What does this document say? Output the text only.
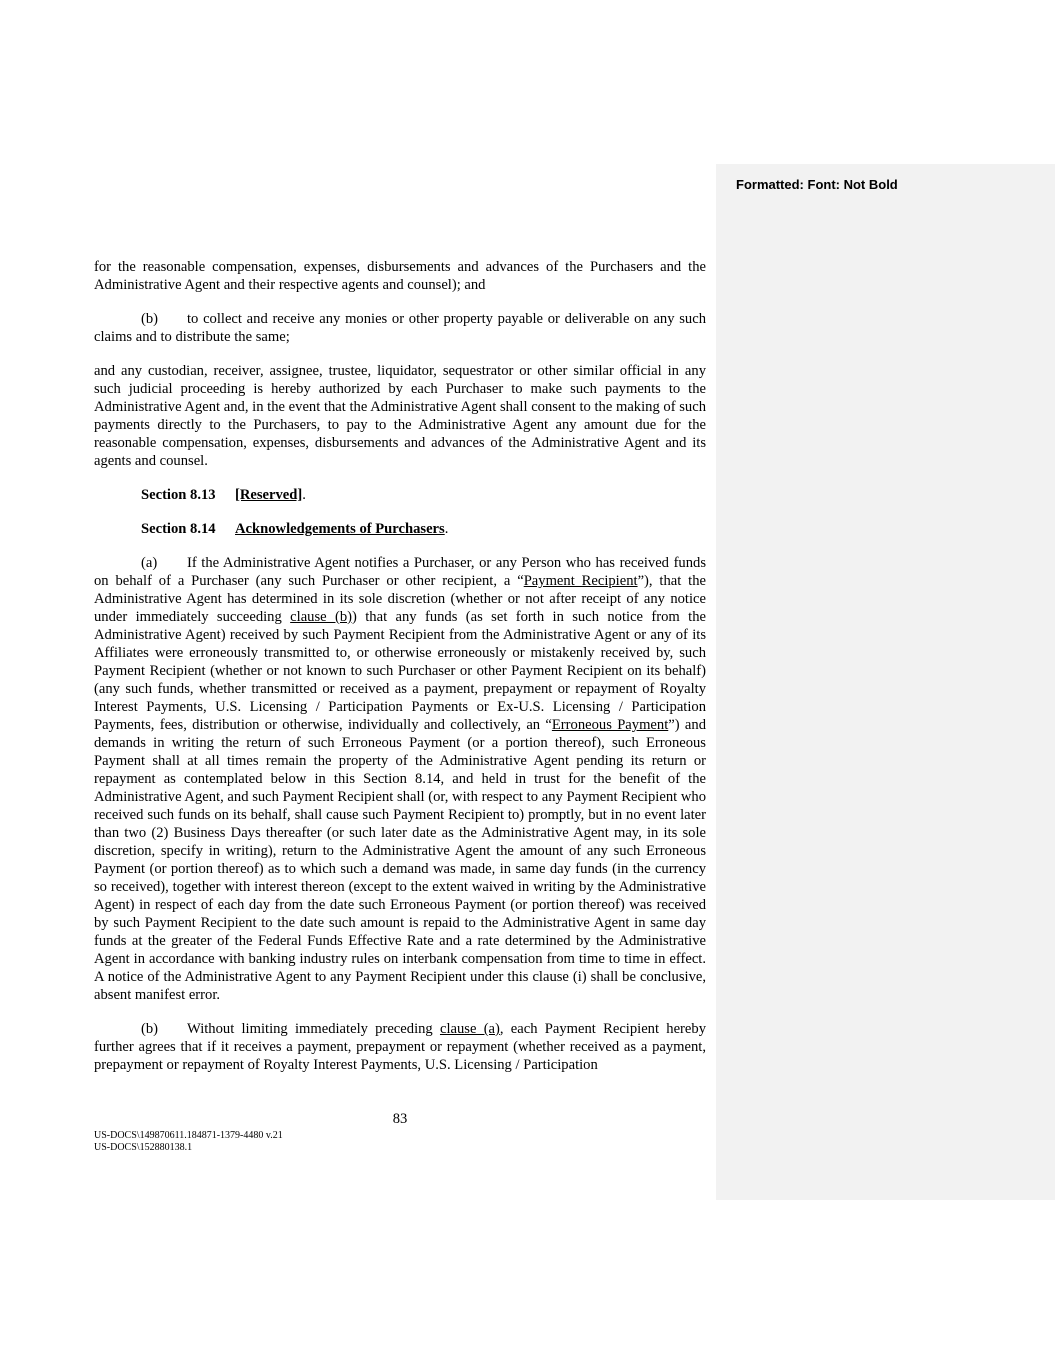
Formatted: Font: Not Bold

for the reasonable compensation, expenses, disbursements and advances of the Purchasers and the Administrative Agent and their respective agents and counsel); and

(b) to collect and receive any monies or other property payable or deliverable on any such claims and to distribute the same;

and any custodian, receiver, assignee, trustee, liquidator, sequestrator or other similar official in any such judicial proceeding is hereby authorized by each Purchaser to make such payments to the Administrative Agent and, in the event that the Administrative Agent shall consent to the making of such payments directly to the Purchasers, to pay to the Administrative Agent any amount due for the reasonable compensation, expenses, disbursements and advances of the Administrative Agent and its agents and counsel.

Section 8.13 [Reserved].

Section 8.14 Acknowledgements of Purchasers.

(a) If the Administrative Agent notifies a Purchaser, or any Person who has received funds on behalf of a Purchaser (any such Purchaser or other recipient, a “Payment Recipient”), that the Administrative Agent has determined in its sole discretion (whether or not after receipt of any notice under immediately succeeding clause (b)) that any funds (as set forth in such notice from the Administrative Agent) received by such Payment Recipient from the Administrative Agent or any of its Affiliates were erroneously transmitted to, or otherwise erroneously or mistakenly received by, such Payment Recipient (whether or not known to such Purchaser or other Payment Recipient on its behalf) (any such funds, whether transmitted or received as a payment, prepayment or repayment of Royalty Interest Payments, U.S. Licensing / Participation Payments or Ex-U.S. Licensing / Participation Payments, fees, distribution or otherwise, individually and collectively, an “Erroneous Payment”) and demands in writing the return of such Erroneous Payment (or a portion thereof), such Erroneous Payment shall at all times remain the property of the Administrative Agent pending its return or repayment as contemplated below in this Section 8.14, and held in trust for the benefit of the Administrative Agent, and such Payment Recipient shall (or, with respect to any Payment Recipient who received such funds on its behalf, shall cause such Payment Recipient to) promptly, but in no event later than two (2) Business Days thereafter (or such later date as the Administrative Agent may, in its sole discretion, specify in writing), return to the Administrative Agent the amount of any such Erroneous Payment (or portion thereof) as to which such a demand was made, in same day funds (in the currency so received), together with interest thereon (except to the extent waived in writing by the Administrative Agent) in respect of each day from the date such Erroneous Payment (or portion thereof) was received by such Payment Recipient to the date such amount is repaid to the Administrative Agent in same day funds at the greater of the Federal Funds Effective Rate and a rate determined by the Administrative Agent in accordance with banking industry rules on interbank compensation from time to time in effect. A notice of the Administrative Agent to any Payment Recipient under this clause (i) shall be conclusive, absent manifest error.

(b) Without limiting immediately preceding clause (a), each Payment Recipient hereby further agrees that if it receives a payment, prepayment or repayment (whether received as a payment, prepayment or repayment of Royalty Interest Payments, U.S. Licensing / Participation

83
US-DOCS\149870611.184871-1379-4480 v.21
US-DOCS\152880138.1
